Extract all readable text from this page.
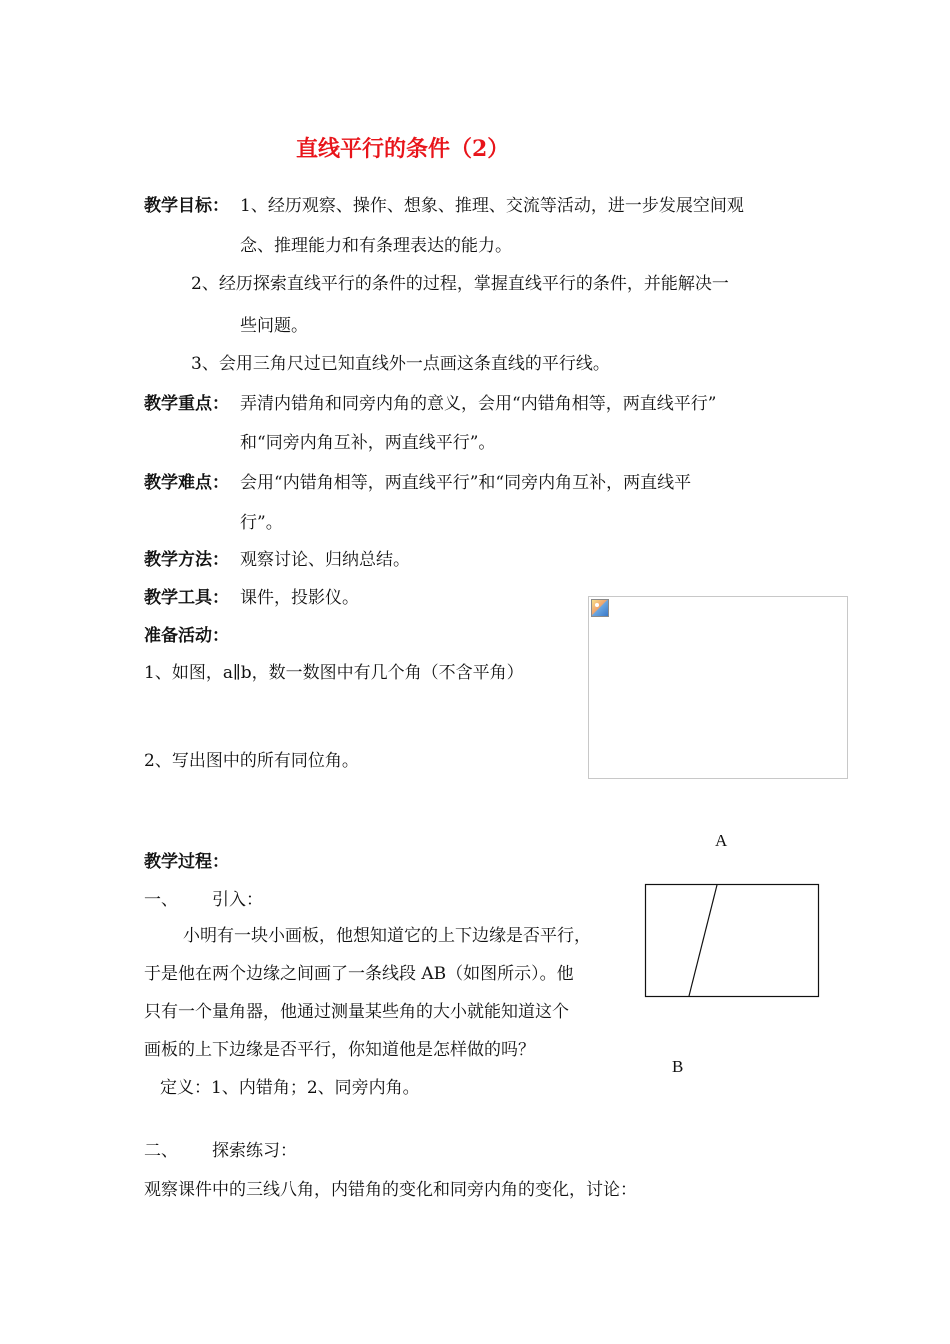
直线平行的条件（2）
教学目标： 1、经历观察、操作、想象、推理、交流等活动，进一步发展空间观
念、推理能力和有条理表达的能力。
2、经历探索直线平行的条件的过程，掌握直线平行的条件，并能解决一
些问题。
3、会用三角尺过已知直线外一点画这条直线的平行线。
教学重点： 弄清内错角和同旁内角的意义，会用“内错角相等，两直线平行”
和“同旁内角互补，两直线平行”。
教学难点： 会用“内错角相等，两直线平行”和“同旁内角互补，两直线平
行”。
教学方法： 观察讨论、归纳总结。
教学工具： 课件，投影仪。
准备活动：
1、如图，a∥b，数一数图中有几个角（不含平角）
2、写出图中的所有同位角。
教学过程：
一、 引入：
小明有一块小画板，他想知道它的上下边缘是否平行，
于是他在两个边缘之间画了一条线段 AB（如图所示）。他
只有一个量角器，他通过测量某些角的大小就能知道这个
画板的上下边缘是否平行，你知道他是怎样做的吗？
定义：1、内错角；2、同旁内角。
二、 探索练习：
观察课件中的三线八角，内错角的变化和同旁内角的变化，讨论：
A
B
